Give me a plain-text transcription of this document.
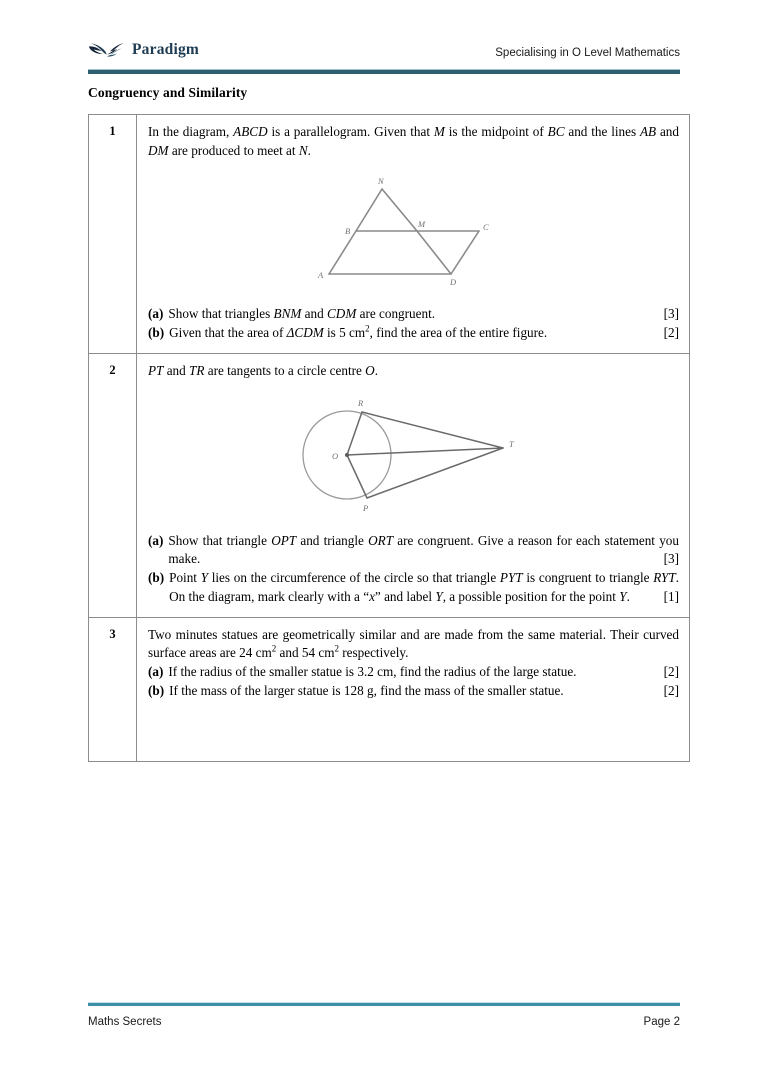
Paradigm	Specialising in O Level Mathematics
Congruency and Similarity
1	In the diagram, ABCD is a parallelogram. Given that M is the midpoint of BC and the lines AB and DM are produced to meet at N.
N
B
M	C
A
D
(a) Show that triangles BNM and CDM are congruent.	[3]
(b) Given that the area of ΔCDM is 5 $cm^2$, find the area of the entire figure.	[2]

2	PT and TR are tangents to a circle centre O.
R
O
P
T
(a) Show that triangle OPT and triangle ORT are congruent. Give a reason for each statement you make.	[3]
(b) Point Y lies on the circumference of the circle so that triangle PYT is congruent to triangle RYT. On the diagram, mark clearly with a “x” and label Y, a possible position for the point Y. [1]

3	Two minutes statues are geometrically similar and are made from the same material. Their curved surface areas are 24 $cm^2$ and 54 $cm^2$ respectively.
(a) If the radius of the smaller statue is 3.2 cm, find the radius of the large statue.	[2]
(b) If the mass of the larger statue is 128 g, find the mass of the smaller statue.	[2]
Maths Secrets	Page 2
